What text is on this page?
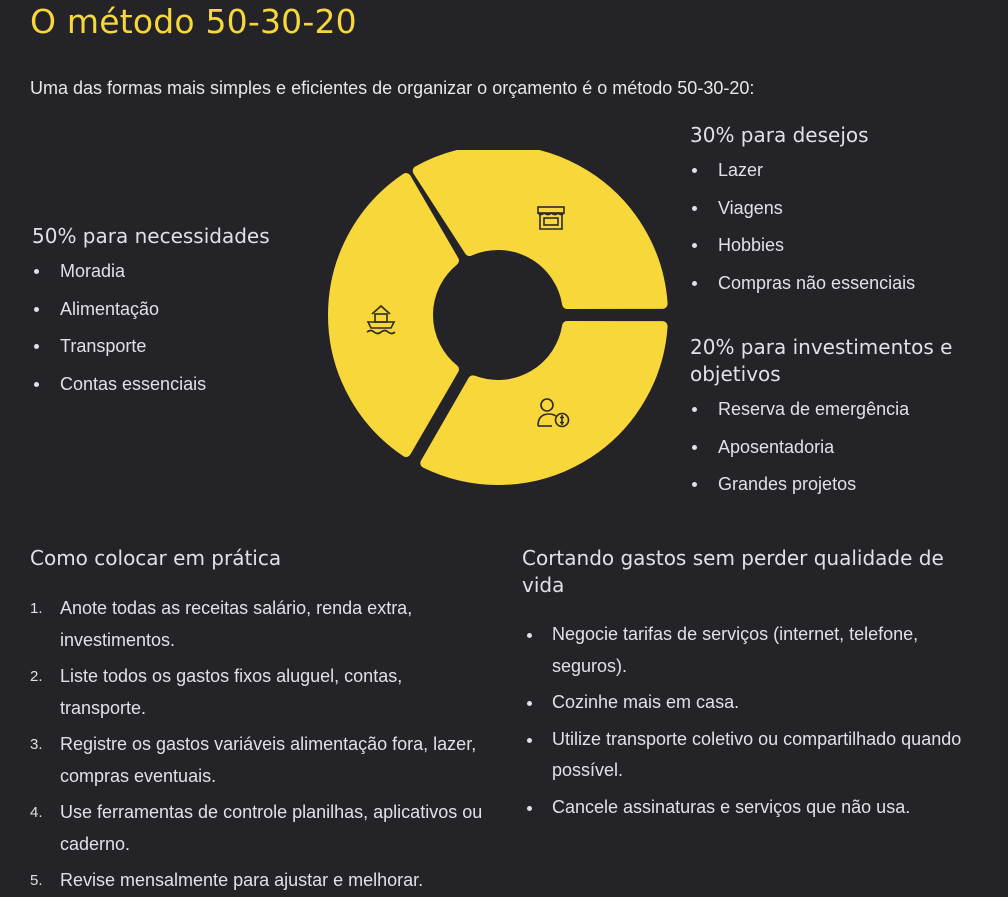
O método 50-30-20

Uma das formas mais simples e eficientes de organizar o orçamento é o método 50-30-20:

50% para necessidades
Moradia
Alimentação
Transporte
Contas essenciais
30% para desejos
Lazer
Viagens
Hobbies
Compras não essenciais
20% para investimentos e objetivos
Reserva de emergência
Aposentadoria
Grandes projetos
Como colocar em prática
1. Anote todas as receitas salário, renda extra, investimentos.
2. Liste todos os gastos fixos aluguel, contas, transporte.
3. Registre os gastos variáveis alimentação fora, lazer, compras eventuais.
4. Use ferramentas de controle planilhas, aplicativos ou caderno.
5. Revise mensalmente para ajustar e melhorar.
Cortando gastos sem perder qualidade de vida
Negocie tarifas de serviços (internet, telefone, seguros).
Cozinhe mais em casa.
Utilize transporte coletivo ou compartilhado quando possível.
Cancele assinaturas e serviços que não usa.
